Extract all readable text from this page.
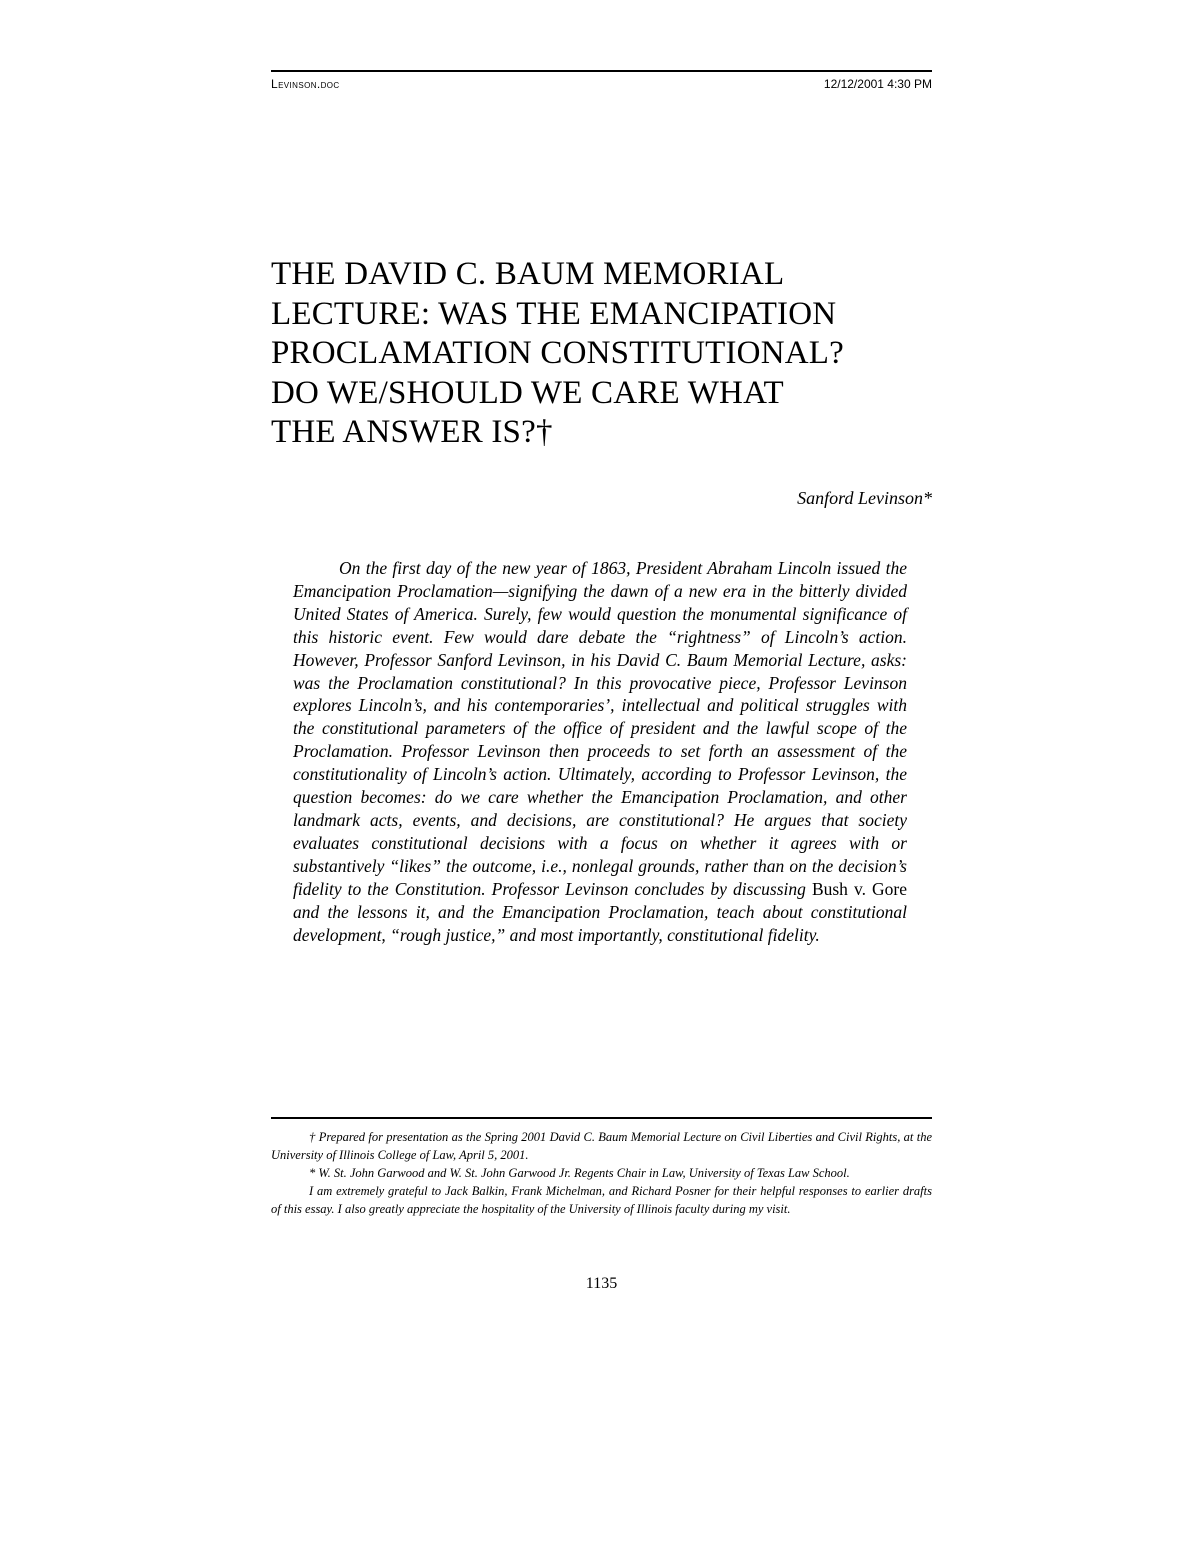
Levinson.doc	12/12/2001 4:30 PM
THE DAVID C. BAUM MEMORIAL
LECTURE: WAS THE EMANCIPATION
PROCLAMATION CONSTITUTIONAL?
DO WE/SHOULD WE CARE WHAT
THE ANSWER IS?†
Sanford Levinson*

On the first day of the new year of 1863, President Abraham Lincoln issued the Emancipation Proclamation—signifying the dawn of a new era in the bitterly divided United States of America. Surely, few would question the monumental significance of this historic event. Few would dare debate the “rightness” of Lincoln’s action. However, Professor Sanford Levinson, in his David C. Baum Memorial Lecture, asks: was the Proclamation constitutional? In this provocative piece, Professor Levinson explores Lincoln’s, and his contemporaries’, intellectual and political struggles with the constitutional parameters of the office of president and the lawful scope of the Proclamation. Professor Levinson then proceeds to set forth an assessment of the constitutionality of Lincoln’s action. Ultimately, according to Professor Levinson, the question becomes: do we care whether the Emancipation Proclamation, and other landmark acts, events, and decisions, are constitutional? He argues that society evaluates constitutional decisions with a focus on whether it agrees with or substantively “likes” the outcome, i.e., nonlegal grounds, rather than on the decision’s fidelity to the Constitution. Professor Levinson concludes by discussing Bush v. Gore and the lessons it, and the Emancipation Proclamation, teach about constitutional development, “rough justice,” and most importantly, constitutional fidelity.

† Prepared for presentation as the Spring 2001 David C. Baum Memorial Lecture on Civil Liberties and Civil Rights, at the University of Illinois College of Law, April 5, 2001.

* W. St. John Garwood and W. St. John Garwood Jr. Regents Chair in Law, University of Texas Law School.

I am extremely grateful to Jack Balkin, Frank Michelman, and Richard Posner for their helpful responses to earlier drafts of this essay. I also greatly appreciate the hospitality of the University of Illinois faculty during my visit.

1135
